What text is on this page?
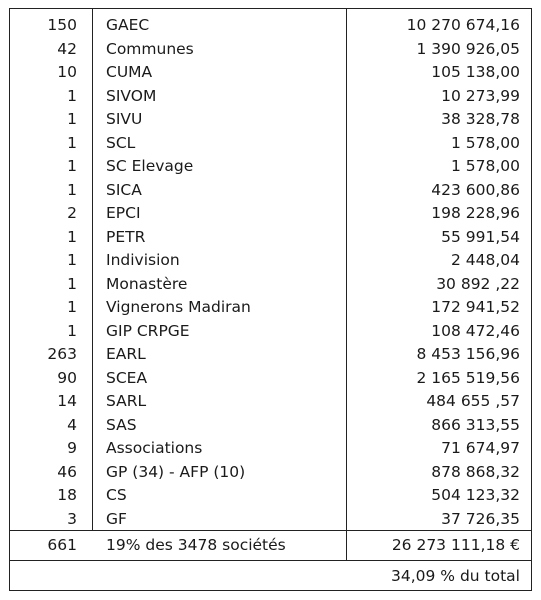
150 GAEC	10 270 674,16
42 Communes	1 390 926,05
10 CUMA	105 138,00
1 SIVOM	10 273,99
1 SIVU	38 328,78
1 SCL	1 578,00
1 SC Elevage	1 578,00
1 SICA	423 600,86
2 EPCI	198 228,96
1 PETR	55 991,54
1 Indivision	2 448,04
1 Monastère	30 892 ,22
1 Vignerons Madiran	172 941,52
1 GIP CRPGE	108 472,46
263 EARL	8 453 156,96
90 SCEA	2 165 519,56
14 SARL	484 655 ,57
4 SAS	866 313,55
9 Associations	71 674,97
46 GP (34) - AFP (10)	878 868,32
18 CS	504 123,32
3 GF	37 726,35
661 19% des 3478 sociétés	26 273 111,18 €
34,09 % du total
